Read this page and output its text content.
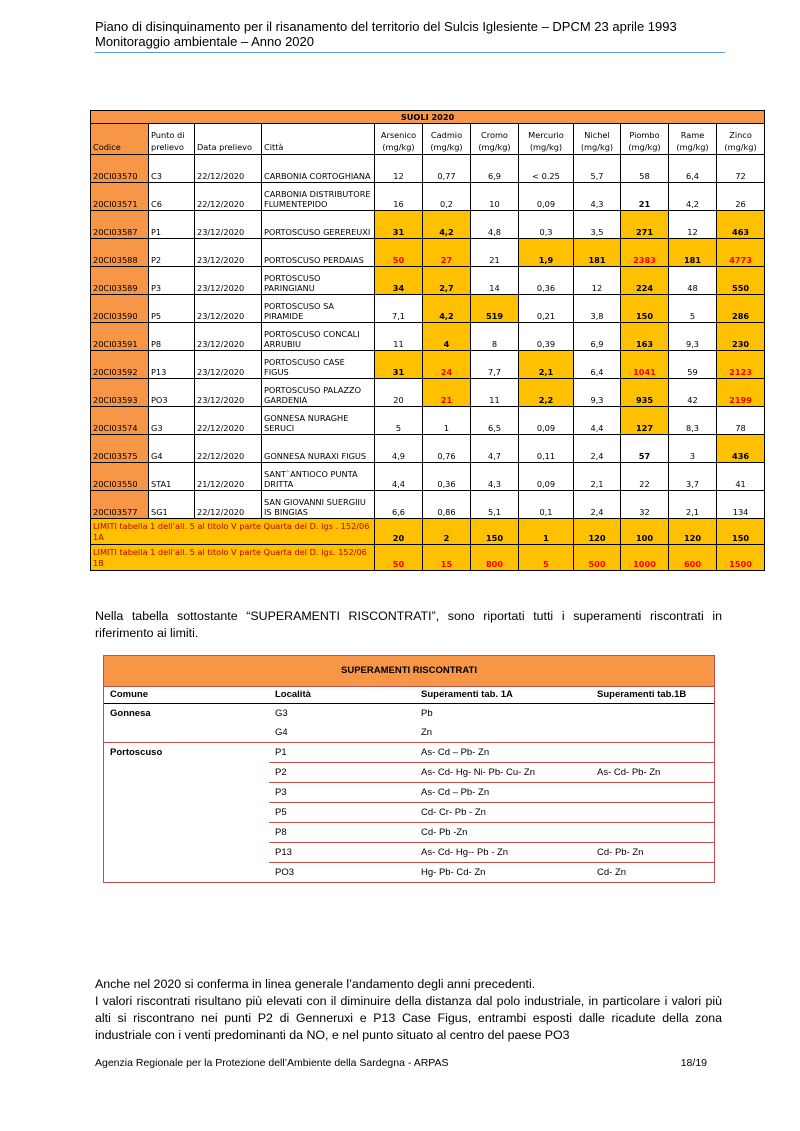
Piano di disinquinamento per il risanamento del territorio del Sulcis Iglesiente – DPCM 23 aprile 1993
Monitoraggio ambientale – Anno 2020
SUOLI 2020											
Codice	Punto di prelievo	Data prelievo	Città	Arsenico (mg/kg)	Cadmio (mg/kg)	Cromo (mg/kg)	Mercurio (mg/kg)	Nichel (mg/kg)	Piombo (mg/kg)	Rame (mg/kg)	Zinco (mg/kg)
20CI03570	C3	22/12/2020	CARBONIA CORTOGHIANA	12	0,77	6,9	< 0.25	5,7	58	6,4	72
20CI03571	C6	22/12/2020	CARBONIA DISTRIBUTORE FLUMENTEPIDO	16	0,2	10	0,09	4,3	21	4,2	26
20CI03587	P1	23/12/2020	PORTOSCUSO GEREREUXI	31	4,2	4,8	0,3	3,5	271	12	463
20CI03588	P2	23/12/2020	PORTOSCUSO PERDAIAS	50	27	21	1,9	181	2383	181	4773
20CI03589	P3	23/12/2020	PORTOSCUSO PARINGIANU	34	2,7	14	0,36	12	224	48	550
20CI03590	P5	23/12/2020	PORTOSCUSO SA PIRAMIDE	7,1	4,2	519	0,21	3,8	150	5	286
20CI03591	P8	23/12/2020	PORTOSCUSO CONCALI ARRUBIU	11	4	8	0,39	6,9	163	9,3	230
20CI03592	P13	23/12/2020	PORTOSCUSO CASE FIGUS	31	24	7,7	2,1	6,4	1041	59	2123
20CI03593	PO3	23/12/2020	PORTOSCUSO PALAZZO GARDENIA	20	21	11	2,2	9,3	935	42	2199
20CI03574	G3	22/12/2020	GONNESA NURAGHE SERUCI	5	1	6,5	0,09	4,4	127	8,3	78
20CI03575	G4	22/12/2020	GONNESA NURAXI FIGUS	4,9	0,76	4,7	0,11	2,4	57	3	436
20CI03550	STA1	21/12/2020	SANT`ANTIOCO PUNTA DRITTA	4,4	0,36	4,3	0,09	2,1	22	3,7	41
20CI03577	SG1	22/12/2020	SAN GIOVANNI SUERGIIU IS BINGIAS	6,6	0,86	5,1	0,1	2,4	32	2,1	134
LIMITI tabella 1 dell'all. 5 al titolo V parte Quarta del D. lgs . 152/06 1A				20	2	150	1	120	100	120	150
LIMITI tabella 1 dell'all. 5 al titolo V parte Quarta del D. lgs. 152/06 1B				50	15	800	5	500	1000	600	1500
Nella tabella sottostante “SUPERAMENTI RISCONTRATI”, sono riportati tutti i superamenti riscontrati in riferimento ai limiti.
SUPERAMENTI RISCONTRATI
Comune	Località	Superamenti tab. 1A	Superamenti tab.1B
Gonnesa	G3	Pb	
	G4	Zn	
Portoscuso	P1	As- Cd – Pb- Zn	
	P2	As- Cd- Hg- Ni- Pb- Cu- Zn	As- Cd- Pb- Zn
	P3	As- Cd – Pb- Zn	
	P5	Cd- Cr- Pb - Zn	
	P8	Cd- Pb -Zn	
	P13	As- Cd- Hg-- Pb - Zn	Cd- Pb- Zn
	PO3	Hg- Pb- Cd- Zn	Cd- Zn
Anche nel 2020 si conferma in linea generale l’andamento degli anni precedenti.
I valori riscontrati risultano più elevati con il diminuire della distanza dal polo industriale, in particolare i valori più alti si riscontrano nei punti P2 di Genneruxi e P13 Case Figus, entrambi esposti dalle ricadute della zona industriale con i venti predominanti da NO, e nel punto situato al centro del paese PO3
Agenzia Regionale per la Protezione dell’Ambiente della Sardegna - ARPAS	18/19
